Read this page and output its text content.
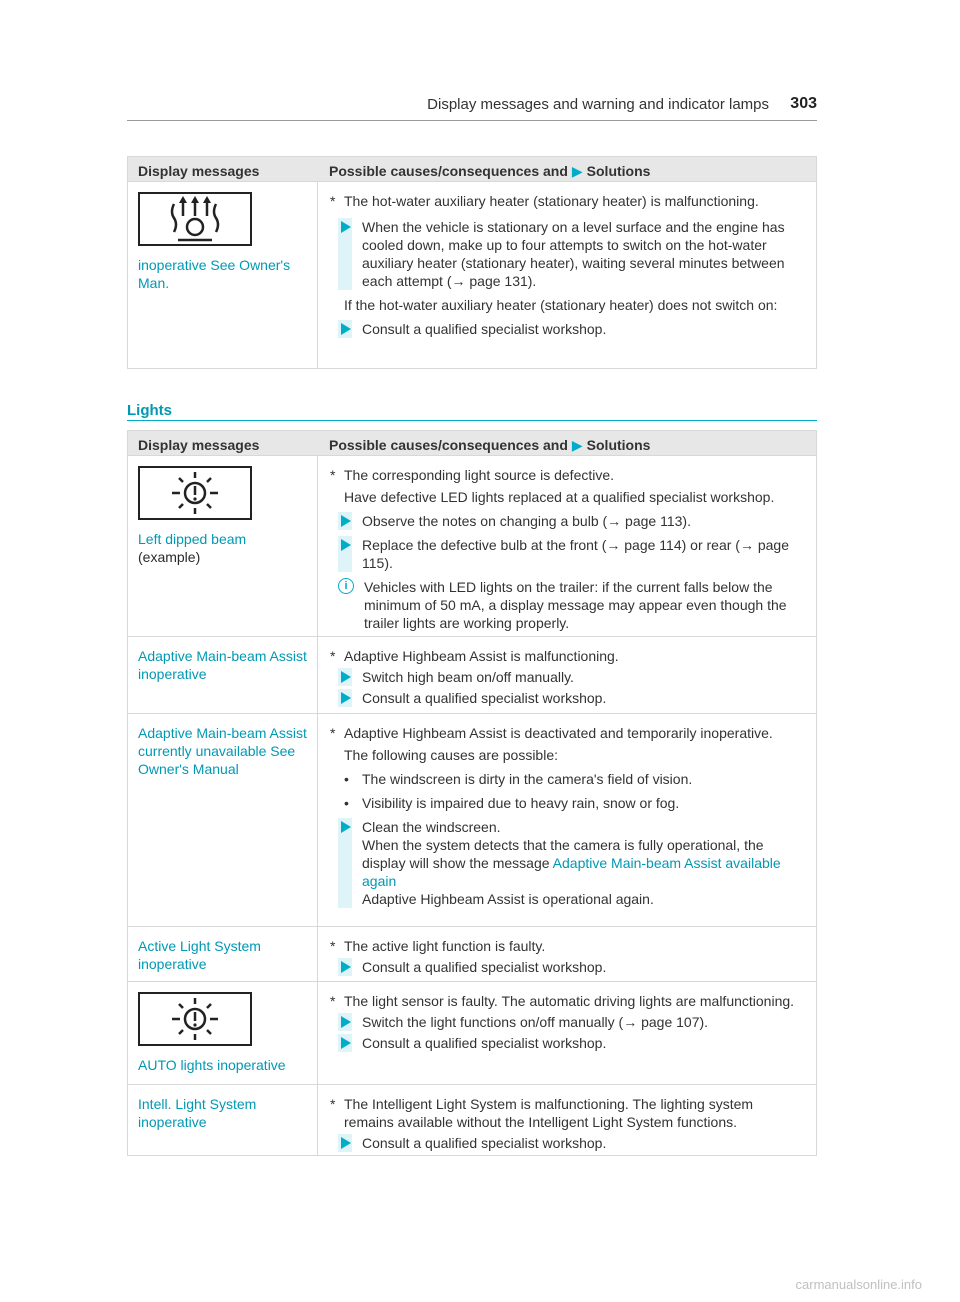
Display messages and warning and indicator lamps 303
Display messages	Possible causes/consequences and ▶ Solutions
inoperative See Owner's Man.
* The hot-water auxiliary heater (stationary heater) is malfunctioning.
When the vehicle is stationary on a level surface and the engine has cooled down, make up to four attempts to switch on the hot-water auxiliary heater (stationary heater), waiting several minutes between each attempt (→ page 131).
If the hot-water auxiliary heater (stationary heater) does not switch on:
Consult a qualified specialist workshop.
Lights
Display messages	Possible causes/consequences and ▶ Solutions
Left dipped beam (example)
* The corresponding light source is defective.
Have defective LED lights replaced at a qualified specialist workshop.
Observe the notes on changing a bulb (→ page 113).
Replace the defective bulb at the front (→ page 114) or rear (→ page 115).
i	Vehicles with LED lights on the trailer: if the current falls below the minimum of 50 mA, a display message may appear even though the trailer lights are working properly.
Adaptive Main-beam Assist inoperative
* Adaptive Highbeam Assist is malfunctioning.
Switch high beam on/off manually.
Consult a qualified specialist workshop.
Adaptive Main-beam Assist currently unavailable See Owner's Manual
* Adaptive Highbeam Assist is deactivated and temporarily inoperative.
The following causes are possible:
• The windscreen is dirty in the camera's field of vision.
• Visibility is impaired due to heavy rain, snow or fog.
Clean the windscreen.
When the system detects that the camera is fully operational, the display will show the message Adaptive Main-beam Assist available again
Adaptive Highbeam Assist is operational again.
Active Light System inoperative
* The active light function is faulty.
Consult a qualified specialist workshop.
AUTO lights inoperative
* The light sensor is faulty. The automatic driving lights are malfunctioning.
Switch the light functions on/off manually (→ page 107).
Consult a qualified specialist workshop.
Intell. Light System inoperative
* The Intelligent Light System is malfunctioning. The lighting system remains available without the Intelligent Light System functions.
Consult a qualified specialist workshop.
carmanualsonline.info
